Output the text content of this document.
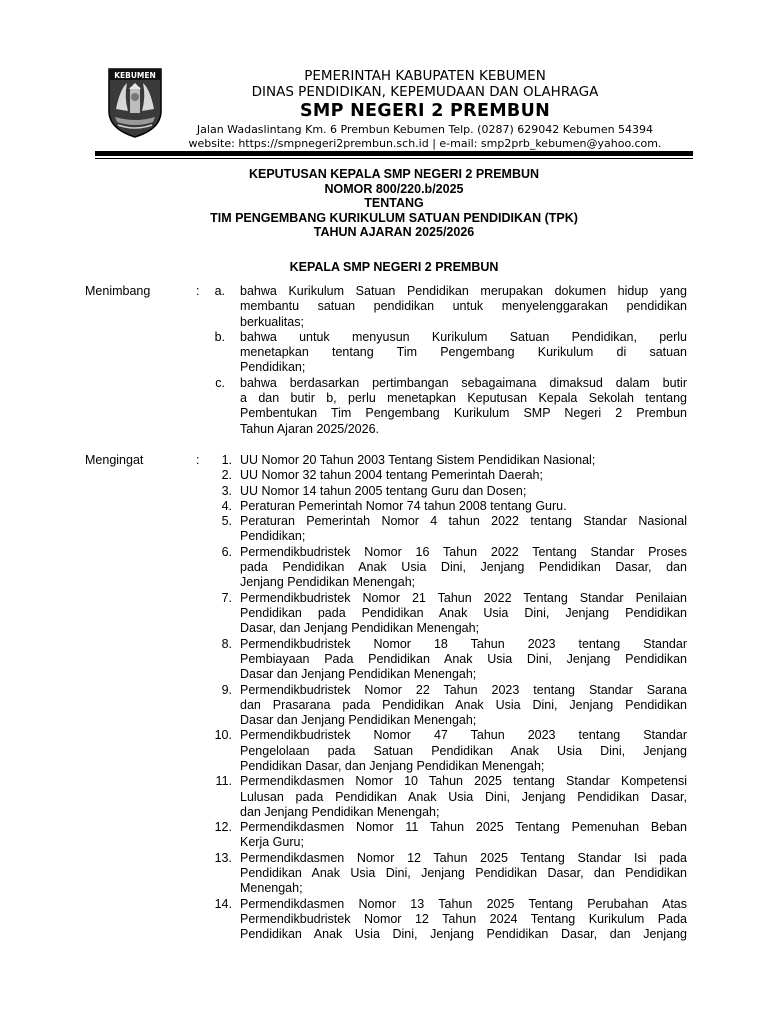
KEBUMEN	PEMERINTAH KABUPATEN KEBUMEN
DINAS PENDIDIKAN, KEPEMUDAAN DAN OLAHRAGA
SMP NEGERI 2 PREMBUN
Jalan Wadaslintang Km. 6 Prembun Kebumen Telp. (0287) 629042 Kebumen 54394
website: https://smpnegeri2prembun.sch.id | e-mail: smp2prb_kebumen@yahoo.com.
KEPUTUSAN KEPALA SMP NEGERI 2 PREMBUN
NOMOR 800/220.b/2025
TENTANG
TIM PENGEMBANG KURIKULUM SATUAN PENDIDIKAN (TPK)
TAHUN AJARAN 2025/2026
KEPALA SMP NEGERI 2 PREMBUN
Menimbang	:	a. bahwa Kurikulum Satuan Pendidikan merupakan dokumen hidup yang
membantu satuan pendidikan untuk menyelenggarakan pendidikan
berkualitas;
b. bahwa untuk menyusun Kurikulum Satuan Pendidikan, perlu
menetapkan tentang Tim Pengembang Kurikulum di satuan
Pendidikan;
c. bahwa berdasarkan pertimbangan sebagaimana dimaksud dalam butir
a dan butir b, perlu menetapkan Keputusan Kepala Sekolah tentang
Pembentukan Tim Pengembang Kurikulum SMP Negeri 2 Prembun
Tahun Ajaran 2025/2026.
Mengingat	:	1. UU Nomor 20 Tahun 2003 Tentang Sistem Pendidikan Nasional;
2. UU Nomor 32 tahun 2004 tentang Pemerintah Daerah;
3. UU Nomor 14 tahun 2005 tentang Guru dan Dosen;
4. Peraturan Pemerintah Nomor 74 tahun 2008 tentang Guru.
5. Peraturan Pemerintah Nomor 4 tahun 2022 tentang Standar Nasional
Pendidikan;
6. Permendikbudristek Nomor 16 Tahun 2022 Tentang Standar Proses
pada Pendidikan Anak Usia Dini, Jenjang Pendidikan Dasar, dan
Jenjang Pendidikan Menengah;
7. Permendikbudristek Nomor 21 Tahun 2022 Tentang Standar Penilaian
Pendidikan pada Pendidikan Anak Usia Dini, Jenjang Pendidikan
Dasar, dan Jenjang Pendidikan Menengah;
8. Permendikbudristek Nomor 18 Tahun 2023 tentang Standar
Pembiayaan Pada Pendidikan Anak Usia Dini, Jenjang Pendidikan
Dasar dan Jenjang Pendidikan Menengah;
9. Permendikbudristek Nomor 22 Tahun 2023 tentang Standar Sarana
dan Prasarana pada Pendidikan Anak Usia Dini, Jenjang Pendidikan
Dasar dan Jenjang Pendidikan Menengah;
10. Permendikbudristek Nomor 47 Tahun 2023 tentang Standar
Pengelolaan pada Satuan Pendidikan Anak Usia Dini, Jenjang
Pendidikan Dasar, dan Jenjang Pendidikan Menengah;
11. Permendikdasmen Nomor 10 Tahun 2025 tentang Standar Kompetensi
Lulusan pada Pendidikan Anak Usia Dini, Jenjang Pendidikan Dasar,
dan Jenjang Pendidikan Menengah;
12. Permendikdasmen Nomor 11 Tahun 2025 Tentang Pemenuhan Beban
Kerja Guru;
13. Permendikdasmen Nomor 12 Tahun 2025 Tentang Standar Isi pada
Pendidikan Anak Usia Dini, Jenjang Pendidikan Dasar, dan Pendidikan
Menengah;
14. Permendikdasmen Nomor 13 Tahun 2025 Tentang Perubahan Atas
Permendikbudristek Nomor 12 Tahun 2024 Tentang Kurikulum Pada
Pendidikan Anak Usia Dini, Jenjang Pendidikan Dasar, dan Jenjang
